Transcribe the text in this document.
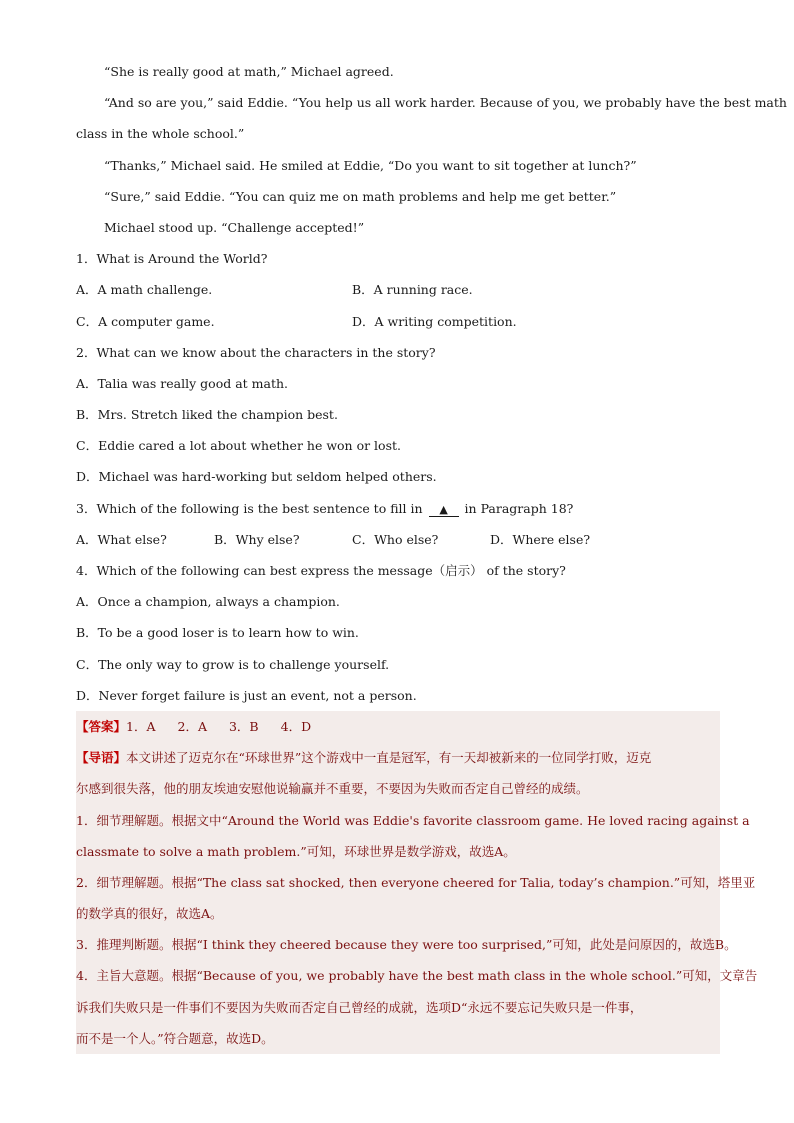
“She is really good at math,” Michael agreed.
“And so are you,” said Eddie. “You help us all work harder. Because of you, we probably have the best math
class in the whole school.”
“Thanks,” Michael said. He smiled at Eddie, “Do you want to sit together at lunch?”
“Sure,” said Eddie. “You can quiz me on math problems and help me get better.”
Michael stood up. “Challenge accepted!”
1．What is Around the World?
A．A math challenge.	B．A running race.
C．A computer game.	D．A writing competition.
2．What can we know about the characters in the story?
A．Talia was really good at math.
B．Mrs. Stretch liked the champion best.
C．Eddie cared a lot about whether he won or lost.
D．Michael was hard-working but seldom helped others.
3．Which of the following is the best sentence to fill in ▲ in Paragraph 18?
A．What else?	B．Why else?	C．Who else?	D．Where else?
4．Which of the following can best express the message（启示） of the story?
A．Once a champion, always a champion.
B．To be a good loser is to learn how to win.
C．The only way to grow is to challenge yourself.
D．Never forget failure is just an event, not a person.
【答案】1．A 2．A 3．B 4．D
【导语】本文讲述了迈克尔在“环球世界”这个游戏中一直是冠军，有一天却被新来的一位同学打败，迈克
尔感到很失落，他的朋友埃迪安慰他说输赢并不重要，不要因为失败而否定自己曾经的成绩。
1．细节理解题。根据文中“Around the World was Eddie's favorite classroom game. He loved racing against a
classmate to solve a math problem.”可知，环球世界是数学游戏，故选A。
2．细节理解题。根据“The class sat shocked, then everyone cheered for Talia, today’s champion.”可知，塔里亚
的数学真的很好，故选A。
3．推理判断题。根据“I think they cheered because they were too surprised,”可知，此处是问原因的，故选B。
4．主旨大意题。根据“Because of you, we probably have the best math class in the whole school.”可知，文章告
诉我们失败只是一件事们不要因为失败而否定自己曾经的成就，选项D“永远不要忘记失败只是一件事，
而不是一个人。”符合题意，故选D。
